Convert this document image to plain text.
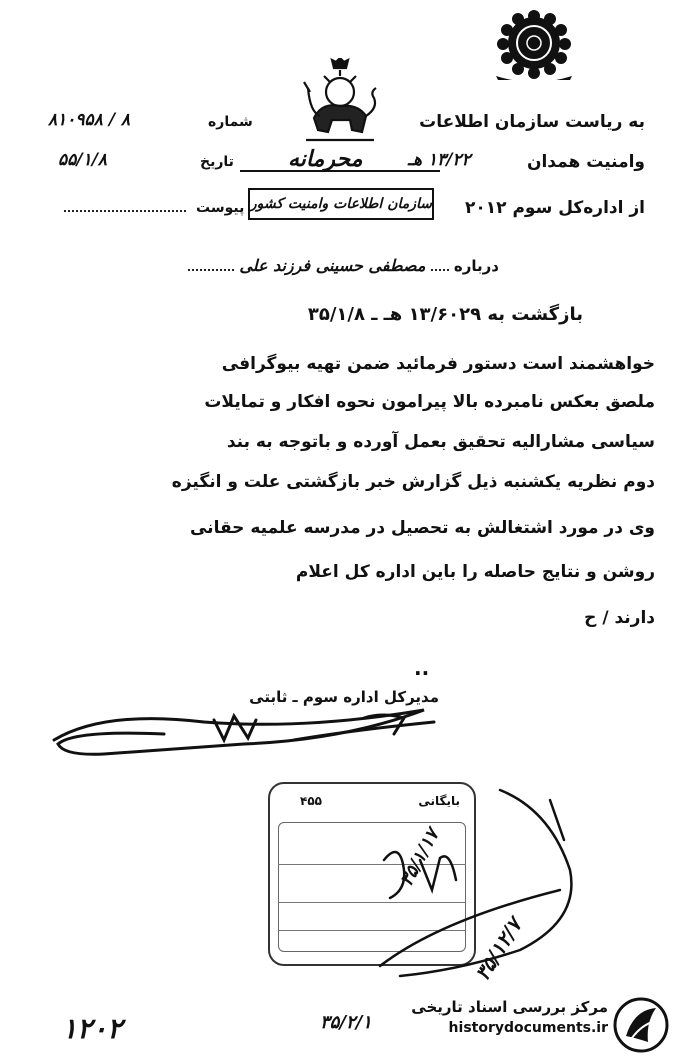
به ریاست سازمان اطلاعات
شماره
۸۱۰۹۵۸ / ۸
وامنیت همدان
۱۳/۲۲ هـ
محرمانه
تاریخ
۵۵/۱/۸
از اداره‌کل سوم ۲۰۱۲
سازمان اطلاعات وامنیت کشور
پیوست
درباره  مصطفی حسینی فرزند علی
بازگشت به ۱۳/۶۰۲۹ هـ ـ ۳۵/۱/۸
خواهشمند است دستور فرمائید ضمن تهیه بیوگرافی
ملصق بعکس نامبرده بالا پیرامون نحوه افکار و تمایلات
سیاسی مشارالیه تحقیق بعمل آورده و باتوجه به بند
دوم نظریه یکشنبه ذیل گزارش خبر بازگشتی علت و انگیزه
وی در مورد اشتغالش به تحصیل در مدرسه علمیه حقانی
روشن و نتایج حاصله را باین اداره کل اعلام
دارند / ح
..
مدیرکل اداره سوم ـ ثابتی
بایگانی
۴۵۵
۳۵/۱/۱۷
۳۵/۱۲/۷
۱۲۰۲	۳۵/۲/۱
مرکز بررسی اسناد تاریخی
historydocuments.ir
